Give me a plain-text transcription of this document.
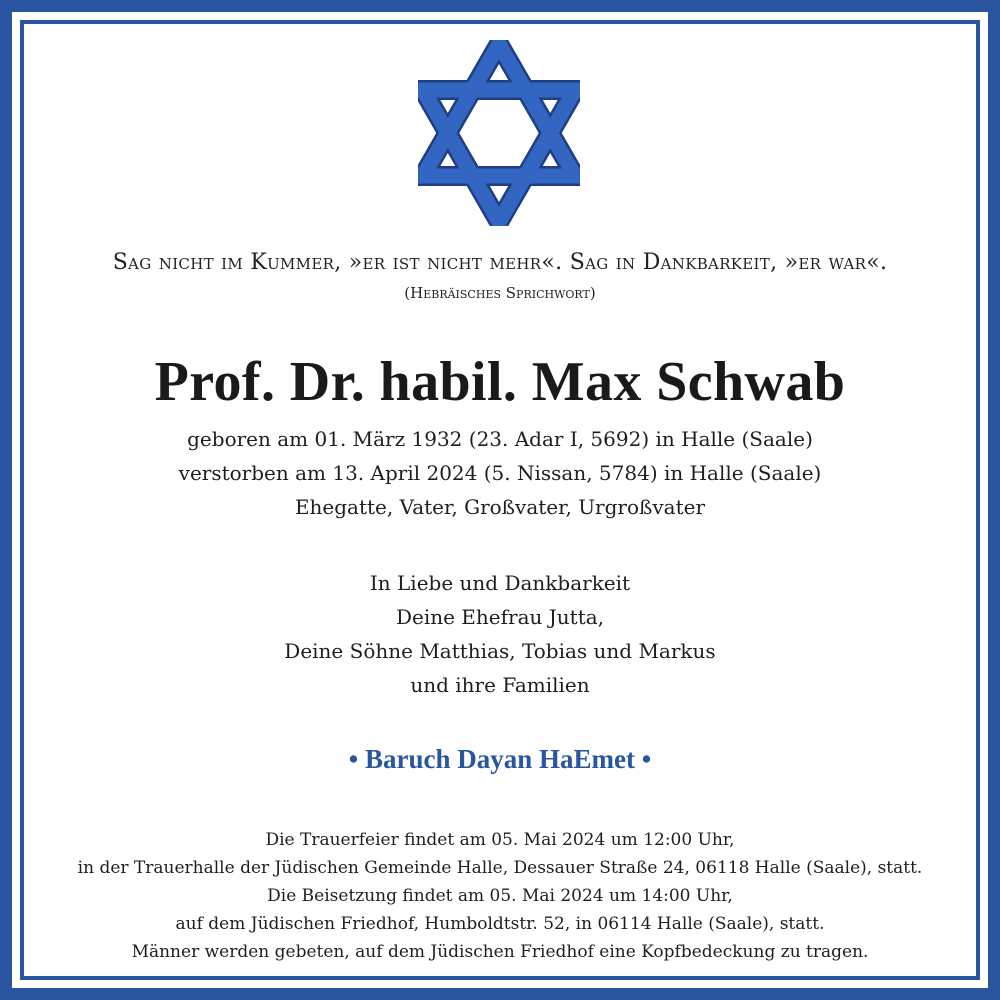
Sag nicht im Kummer, »er ist nicht mehr«. Sag in Dankbarkeit, »er war«.
(Hebräisches Sprichwort)
Prof. Dr. habil. Max Schwab
geboren am 01. März 1932 (23. Adar I, 5692) in Halle (Saale)
verstorben am 13. April 2024 (5. Nissan, 5784) in Halle (Saale)
Ehegatte, Vater, Großvater, Urgroßvater
In Liebe und Dankbarkeit
Deine Ehefrau Jutta,
Deine Söhne Matthias, Tobias und Markus
und ihre Familien
• Baruch Dayan HaEmet •
Die Trauerfeier findet am 05. Mai 2024 um 12:00 Uhr,
in der Trauerhalle der Jüdischen Gemeinde Halle, Dessauer Straße 24, 06118 Halle (Saale), statt.
Die Beisetzung findet am 05. Mai 2024 um 14:00 Uhr,
auf dem Jüdischen Friedhof, Humboldtstr. 52, in 06114 Halle (Saale), statt.
Männer werden gebeten, auf dem Jüdischen Friedhof eine Kopfbedeckung zu tragen.
